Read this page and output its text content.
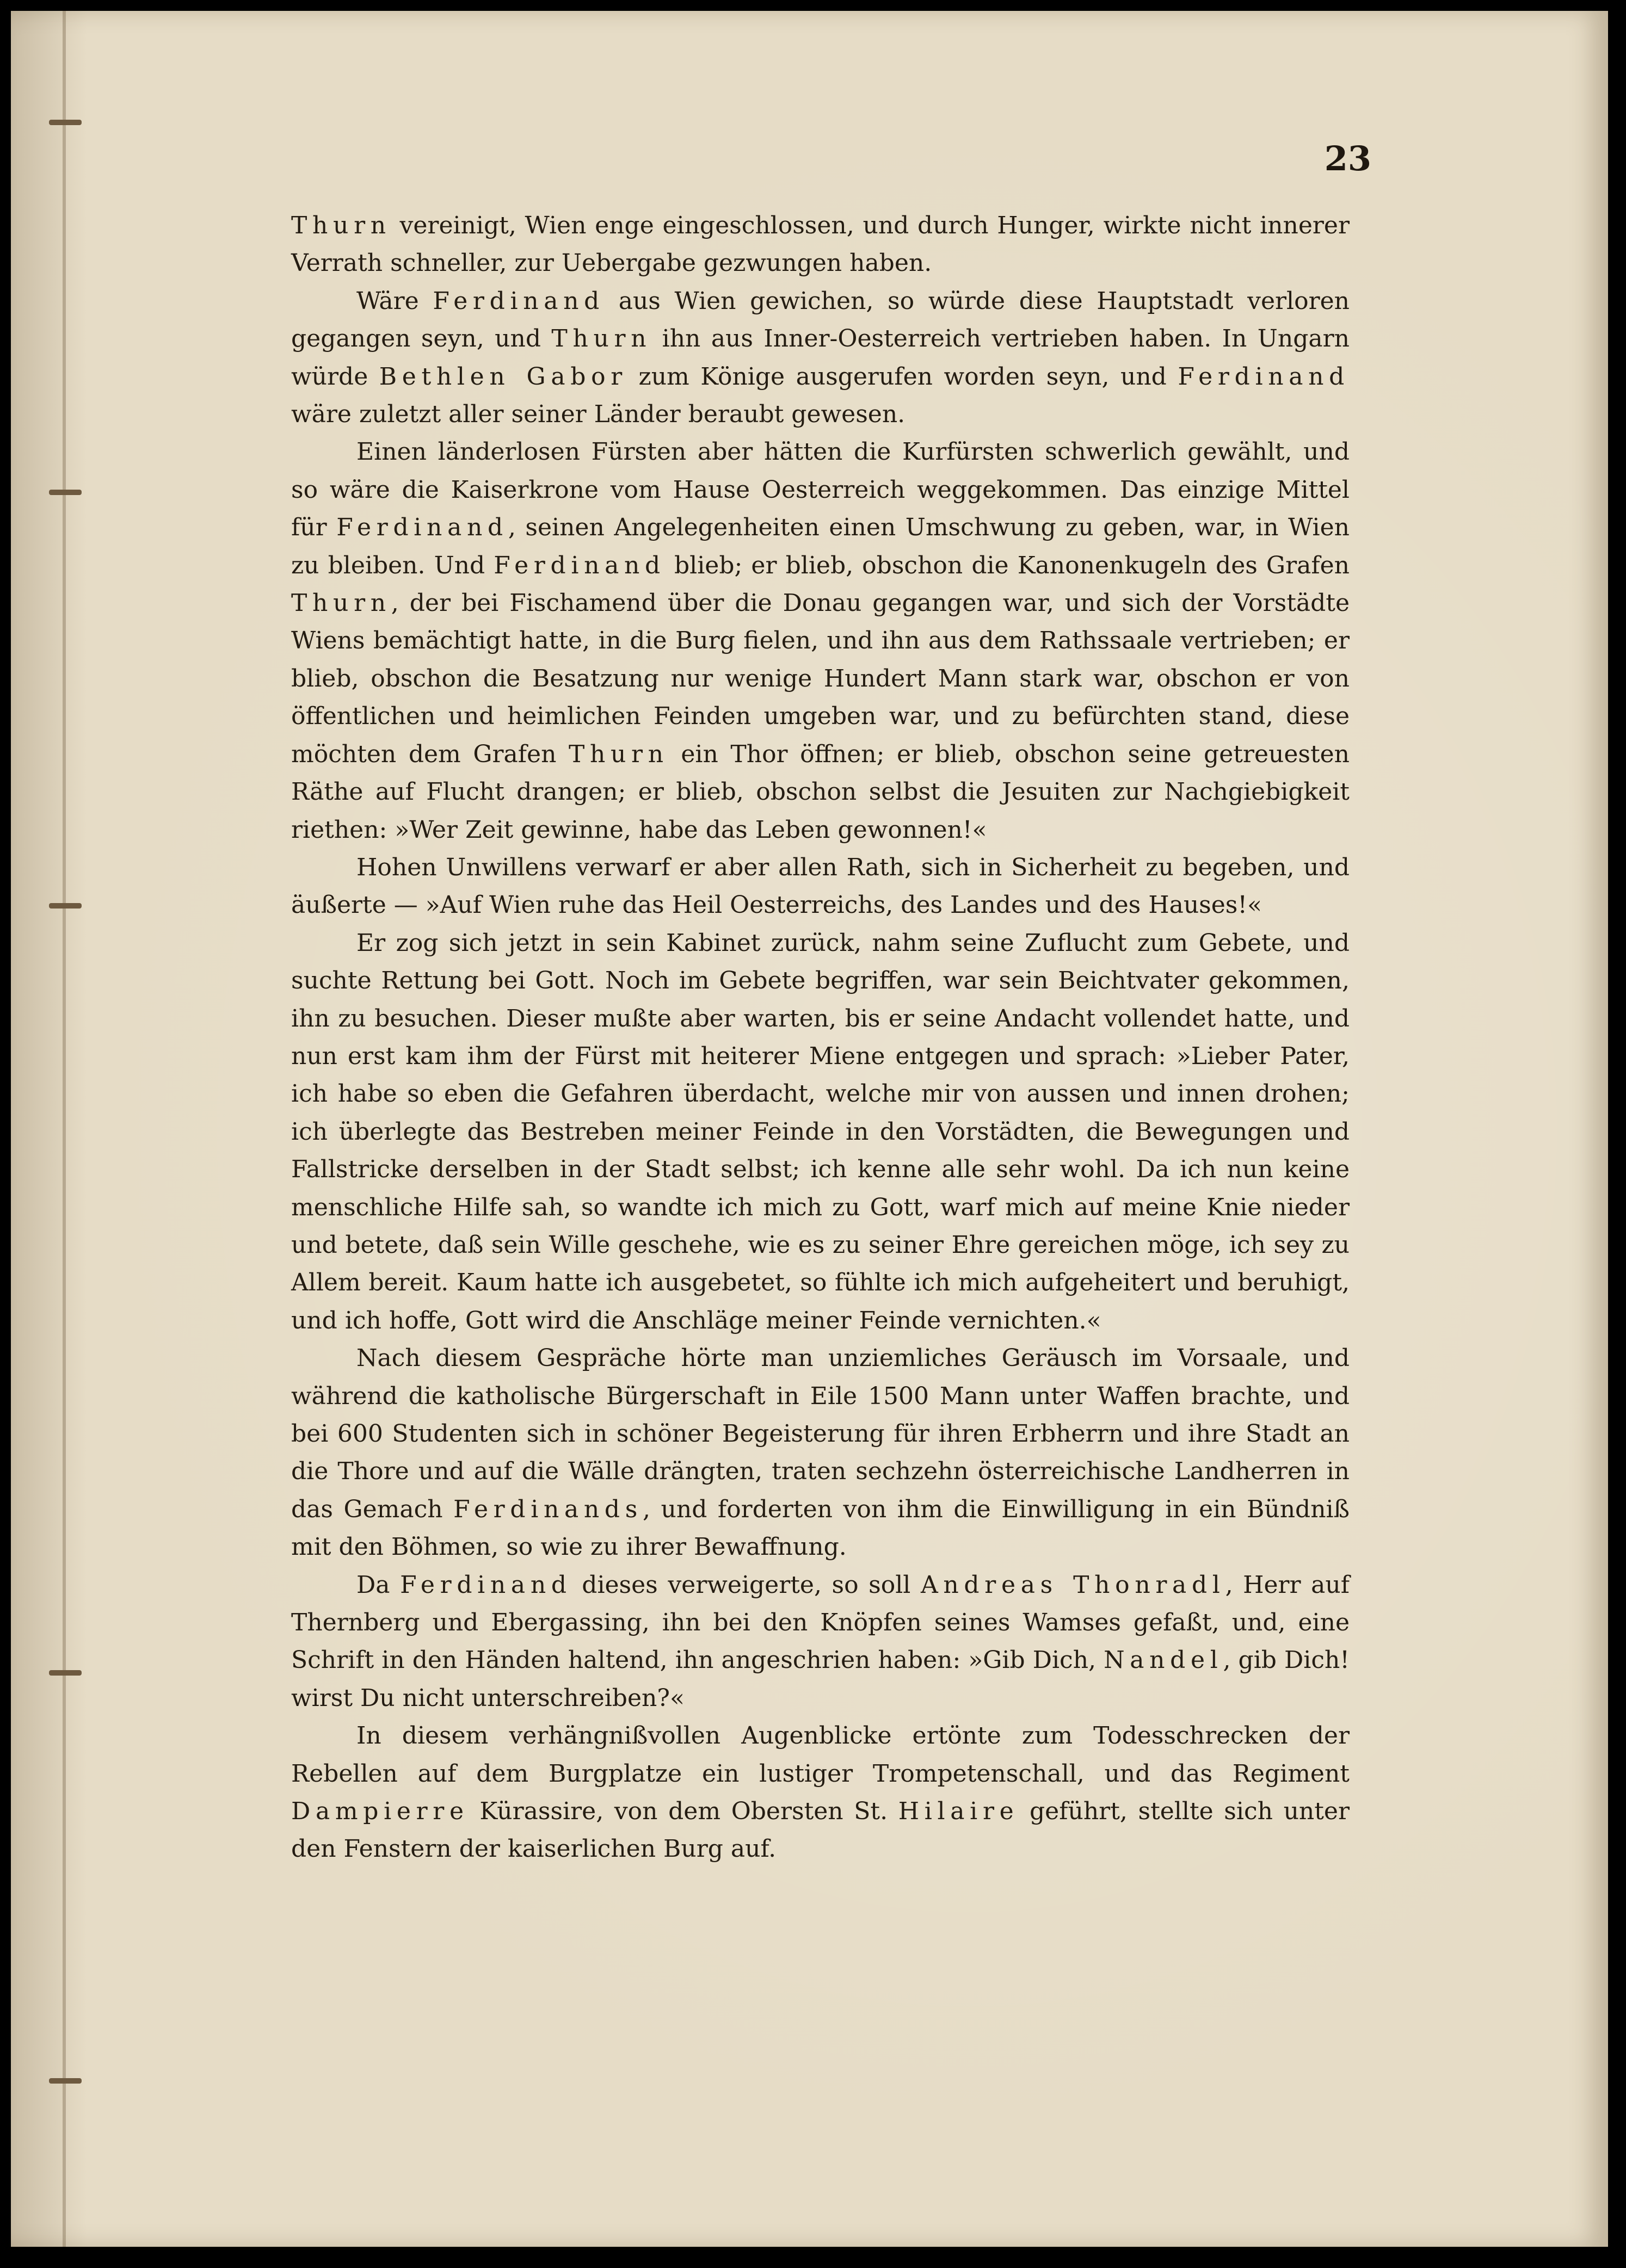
23

Thurn vereinigt, Wien enge eingeschlossen, und durch Hunger, wirkte nicht innerer Verrath schneller, zur Uebergabe gezwungen haben.

Wäre Ferdinand aus Wien gewichen, so würde diese Hauptstadt verloren gegangen seyn, und Thurn ihn aus Inner-Oesterreich vertrieben haben. In Ungarn würde Bethlen Gabor zum Könige ausgerufen worden seyn, und Ferdinand wäre zuletzt aller seiner Länder beraubt gewesen.

Einen länderlosen Fürsten aber hätten die Kurfürsten schwerlich gewählt, und so wäre die Kaiserkrone vom Hause Oesterreich weggekommen. Das einzige Mittel für Ferdinand, seinen Angelegenheiten einen Umschwung zu geben, war, in Wien zu bleiben. Und Ferdinand blieb; er blieb, obschon die Kanonenkugeln des Grafen Thurn, der bei Fischamend über die Donau gegangen war, und sich der Vorstädte Wiens bemächtigt hatte, in die Burg fielen, und ihn aus dem Rathssaale vertrieben; er blieb, obschon die Besatzung nur wenige Hundert Mann stark war, obschon er von öffentlichen und heimlichen Feinden umgeben war, und zu befürchten stand, diese möchten dem Grafen Thurn ein Thor öffnen; er blieb, obschon seine getreuesten Räthe auf Flucht drangen; er blieb, obschon selbst die Jesuiten zur Nachgiebigkeit riethen: »Wer Zeit gewinne, habe das Leben gewonnen!«

Hohen Unwillens verwarf er aber allen Rath, sich in Sicherheit zu begeben, und äußerte — »Auf Wien ruhe das Heil Oesterreichs, des Landes und des Hauses!«

Er zog sich jetzt in sein Kabinet zurück, nahm seine Zuflucht zum Gebete, und suchte Rettung bei Gott. Noch im Gebete begriffen, war sein Beichtvater gekommen, ihn zu besuchen. Dieser mußte aber warten, bis er seine Andacht vollendet hatte, und nun erst kam ihm der Fürst mit heiterer Miene entgegen und sprach: »Lieber Pater, ich habe so eben die Gefahren überdacht, welche mir von aussen und innen drohen; ich überlegte das Bestreben meiner Feinde in den Vorstädten, die Bewegungen und Fallstricke derselben in der Stadt selbst; ich kenne alle sehr wohl. Da ich nun keine menschliche Hilfe sah, so wandte ich mich zu Gott, warf mich auf meine Knie nieder und betete, daß sein Wille geschehe, wie es zu seiner Ehre gereichen möge, ich sey zu Allem bereit. Kaum hatte ich ausgebetet, so fühlte ich mich aufgeheitert und beruhigt, und ich hoffe, Gott wird die Anschläge meiner Feinde vernichten.«

Nach diesem Gespräche hörte man unziemliches Geräusch im Vorsaale, und während die katholische Bürgerschaft in Eile 1500 Mann unter Waffen brachte, und bei 600 Studenten sich in schöner Begeisterung für ihren Erbherrn und ihre Stadt an die Thore und auf die Wälle drängten, traten sechzehn österreichische Landherren in das Gemach Ferdinands, und forderten von ihm die Einwilligung in ein Bündniß mit den Böhmen, so wie zu ihrer Bewaffnung.

Da Ferdinand dieses verweigerte, so soll Andreas Thonradl, Herr auf Thernberg und Ebergassing, ihn bei den Knöpfen seines Wamses gefaßt, und, eine Schrift in den Händen haltend, ihn angeschrien haben: »Gib Dich, Nandel, gib Dich! wirst Du nicht unterschreiben?«

In diesem verhängnißvollen Augenblicke ertönte zum Todesschrecken der Rebellen auf dem Burgplatze ein lustiger Trompetenschall, und das Regiment Dampierre Kürassire, von dem Obersten St. Hilaire geführt, stellte sich unter den Fenstern der kaiserlichen Burg auf.
